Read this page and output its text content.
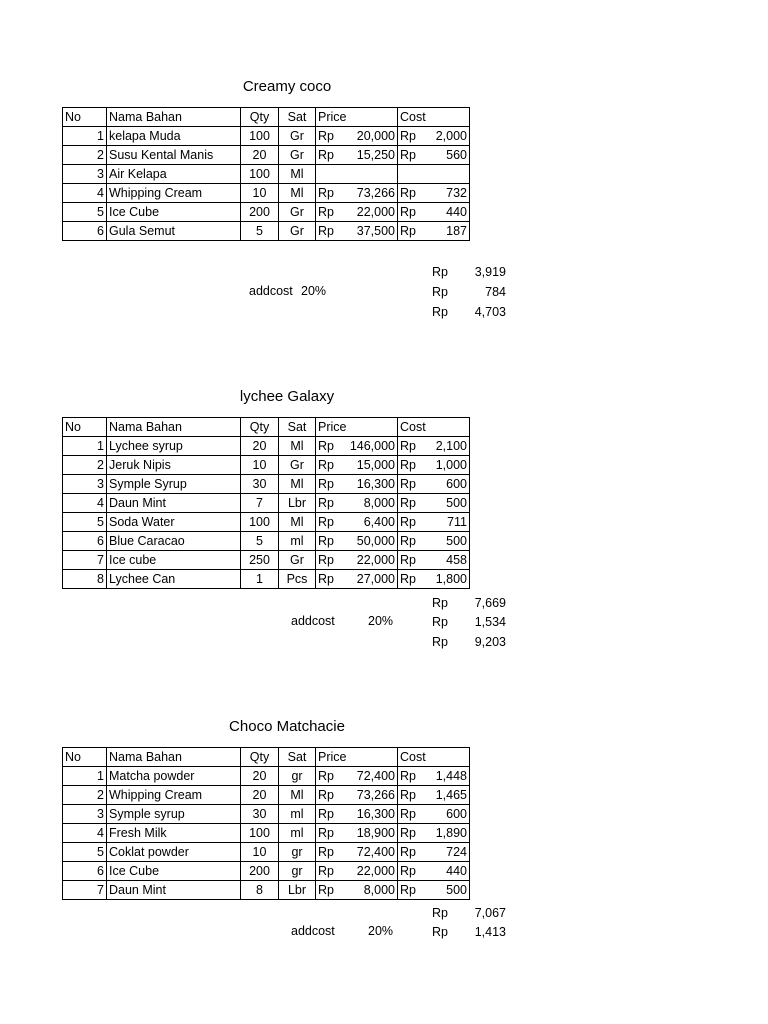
Creamy coco
No	Nama Bahan	Qty	Sat	Price		Cost	
1	kelapa Muda	100	Gr	Rp	20,000	Rp	2,000
2	Susu Kental Manis	20	Gr	Rp	15,250	Rp	560
3	Air Kelapa	100	Ml				
4	Whipping Cream	10	Ml	Rp	73,266	Rp	732
5	Ice Cube	200	Gr	Rp	22,000	Rp	440
6	Gula Semut	5	Gr	Rp	37,500	Rp	187
Rp	3,919
addcost 20%	Rp	784
Rp	4,703
lychee Galaxy
No	Nama Bahan	Qty	Sat	Price		Cost	
1	Lychee syrup	20	Ml	Rp	146,000	Rp	2,100
2	Jeruk Nipis	10	Gr	Rp	15,000	Rp	1,000
3	Symple Syrup	30	Ml	Rp	16,300	Rp	600
4	Daun Mint	7	Lbr	Rp	8,000	Rp	500
5	Soda Water	100	Ml	Rp	6,400	Rp	711
6	Blue Caracao	5	ml	Rp	50,000	Rp	500
7	Ice cube	250	Gr	Rp	22,000	Rp	458
8	Lychee Can	1	Pcs	Rp	27,000	Rp	1,800
Rp	7,669
addcost	20%	Rp	1,534
Rp	9,203
Choco Matchacie
No	Nama Bahan	Qty	Sat	Price		Cost	
1	Matcha powder	20	gr	Rp	72,400	Rp	1,448
2	Whipping Cream	20	Ml	Rp	73,266	Rp	1,465
3	Symple syrup	30	ml	Rp	16,300	Rp	600
4	Fresh Milk	100	ml	Rp	18,900	Rp	1,890
5	Coklat powder	10	gr	Rp	72,400	Rp	724
6	Ice Cube	200	gr	Rp	22,000	Rp	440
7	Daun Mint	8	Lbr	Rp	8,000	Rp	500
Rp	7,067
addcost	20%	Rp	1,413
